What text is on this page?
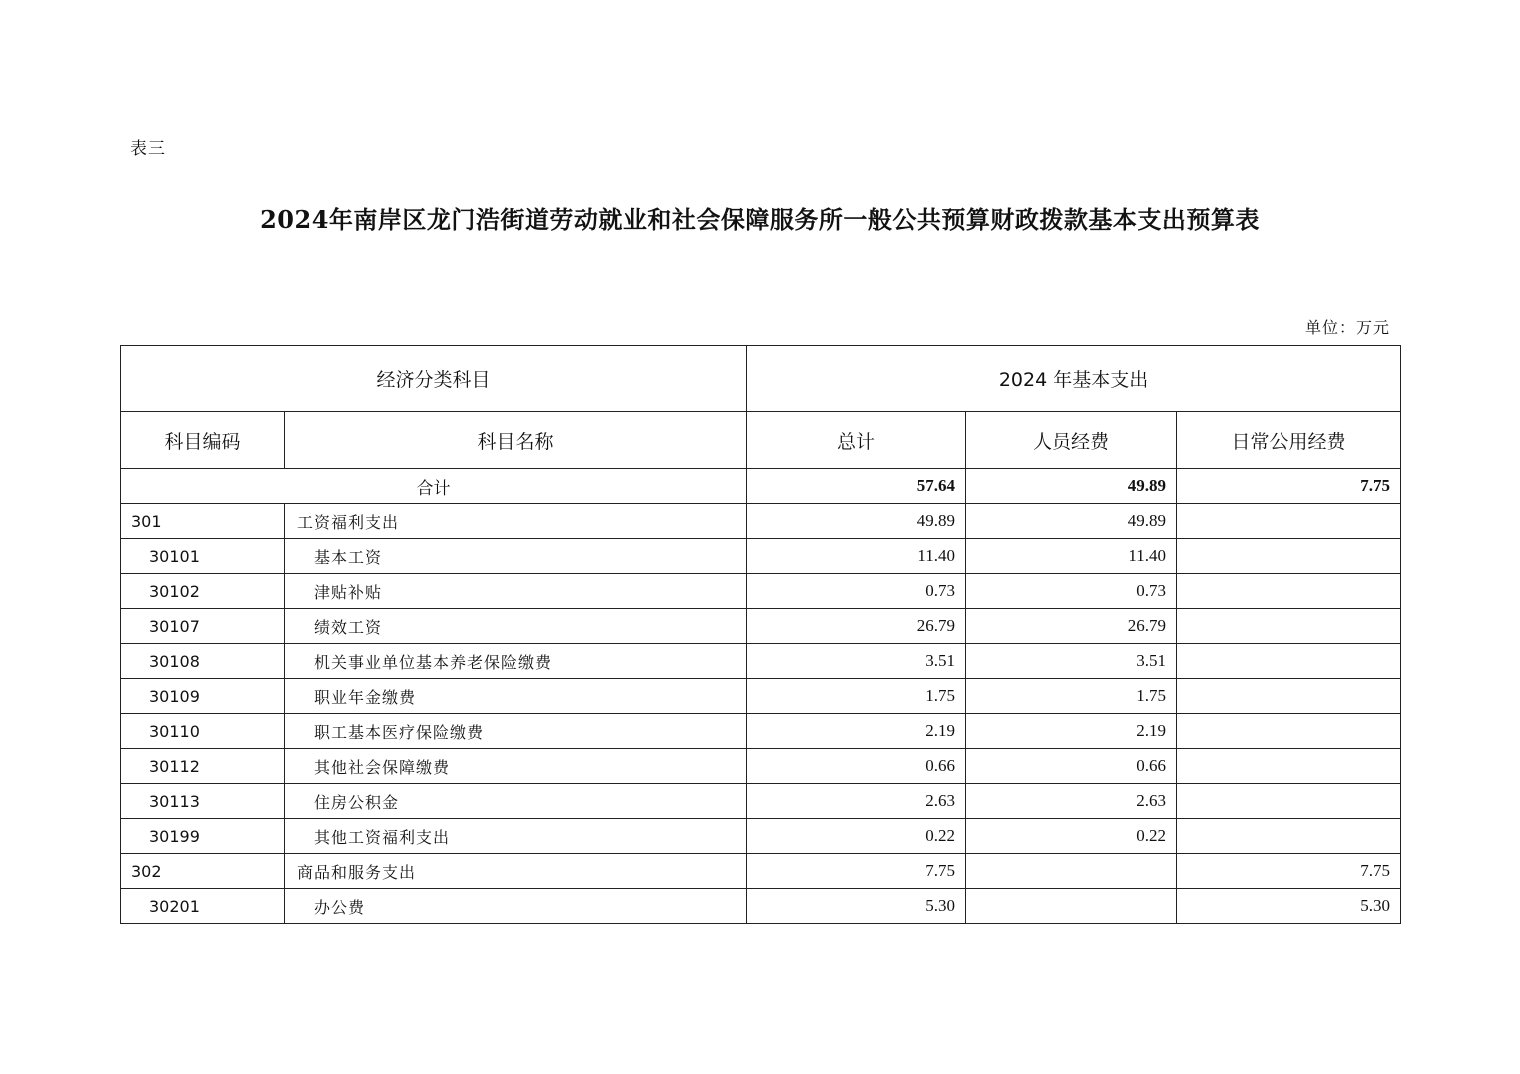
表三
2024年南岸区龙门浩街道劳动就业和社会保障服务所一般公共预算财政拨款基本支出预算表
单位：万元
经济分类科目		2024 年基本支出		
科目编码	科目名称	总计	人员经费	日常公用经费
合计		57.64	49.89	7.75
301	工资福利支出	49.89	49.89	
30101	基本工资	11.40	11.40	
30102	津贴补贴	0.73	0.73	
30107	绩效工资	26.79	26.79	
30108	机关事业单位基本养老保险缴费	3.51	3.51	
30109	职业年金缴费	1.75	1.75	
30110	职工基本医疗保险缴费	2.19	2.19	
30112	其他社会保障缴费	0.66	0.66	
30113	住房公积金	2.63	2.63	
30199	其他工资福利支出	0.22	0.22	
302	商品和服务支出	7.75		7.75
30201	办公费	5.30		5.30
